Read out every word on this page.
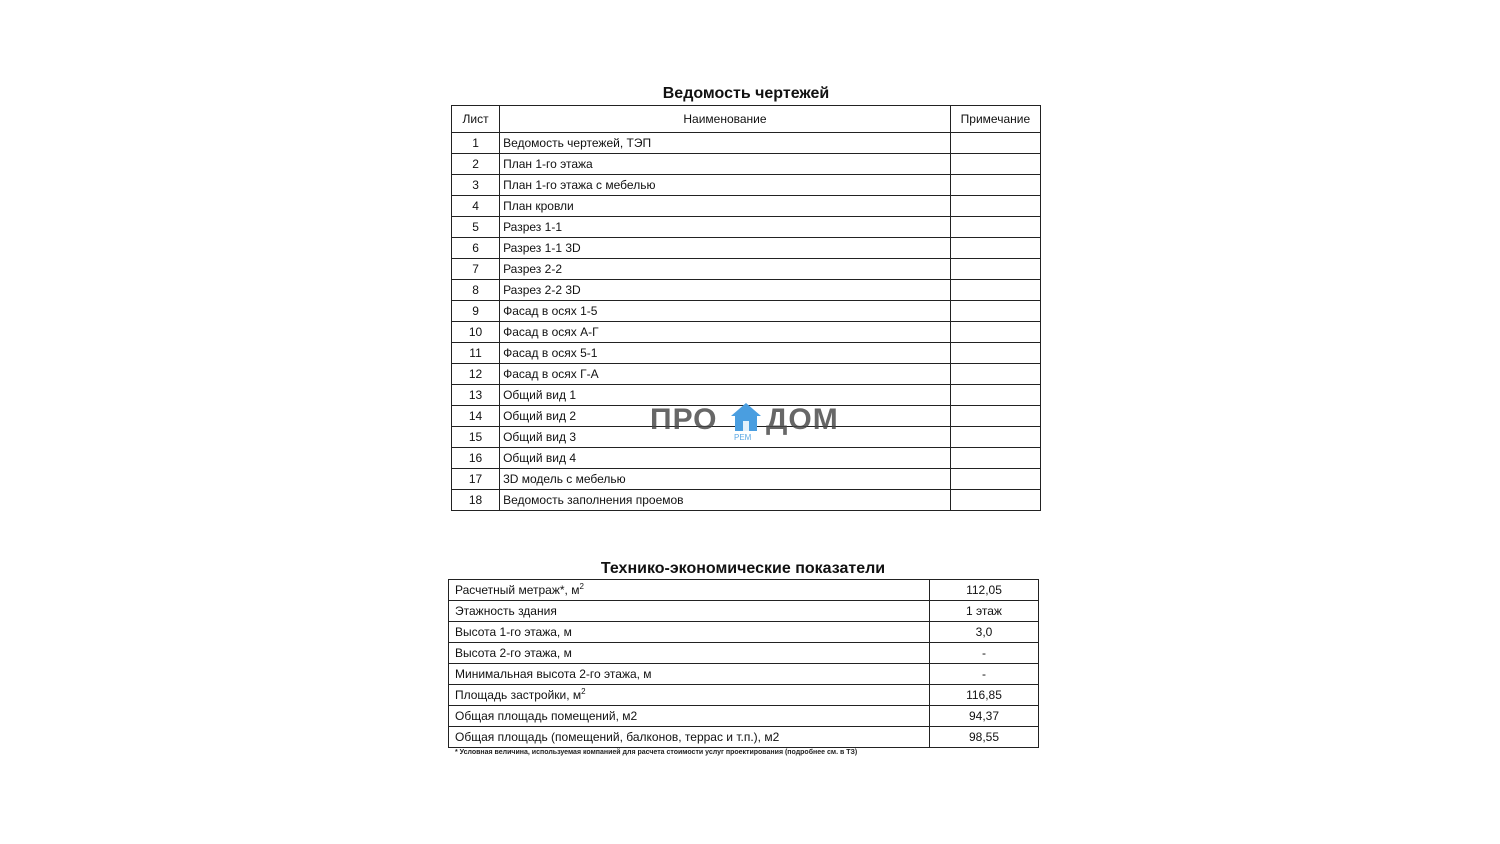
Ведомость чертежей
Лист	Наименование	Примечание
1	Ведомость чертежей, ТЭП	
2	План 1-го этажа	
3	План 1-го этажа с мебелью	
4	План кровли	
5	Разрез 1-1	
6	Разрез 1-1 3D	
7	Разрез 2-2	
8	Разрез 2-2 3D	
9	Фасад в осях 1-5	
10	Фасад в осях А-Г	
11	Фасад в осях 5-1	
12	Фасад в осях Г-А	
13	Общий вид 1	
14	Общий вид 2	
15	Общий вид 3	
16	Общий вид 4	
17	3D модель с мебелью	
18	Ведомость заполнения проемов	
Технико-экономические показатели
Расчетный метраж*, $м^2$	112,05
Этажность здания	1 этаж
Высота 1-го этажа, м	3,0
Высота 2-го этажа, м	-
Минимальная высота 2-го этажа, м	-
Площадь застройки, $м^2$	116,85
Общая площадь помещений, м2	94,37
Общая площадь (помещений, балконов, террас и т.п.), м2	98,55
* Условная величина, используемая компанией для расчета стоимости услуг проектирования (подробнее см. в ТЗ)
ПРО ДОМ
РЕМ
